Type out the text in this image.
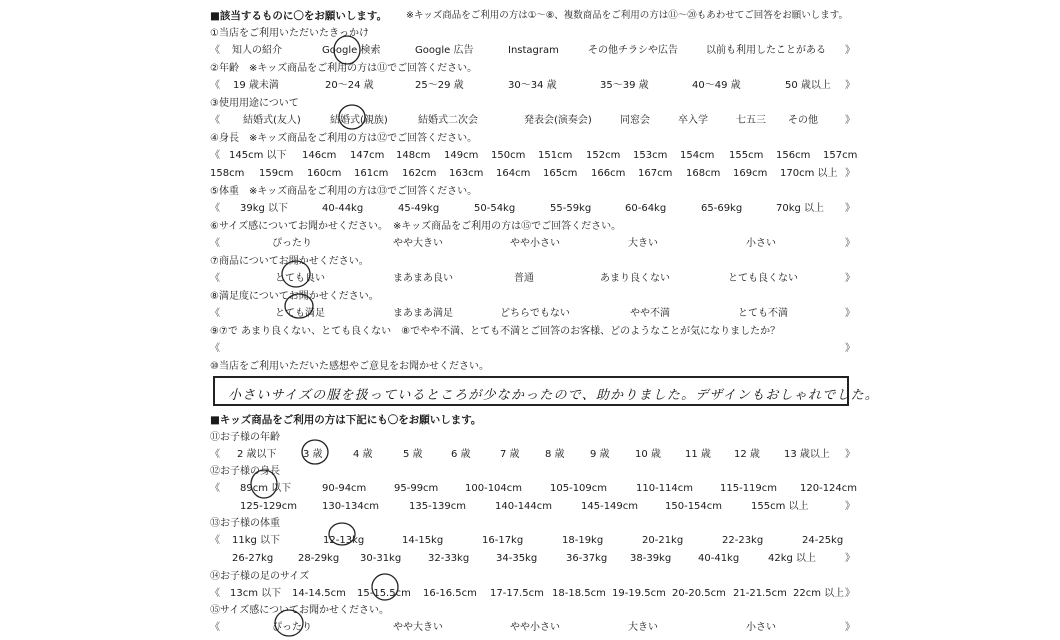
■該当するものに〇をお願いします。 ※キッズ商品をご利用の方は①～⑧、複数商品をご利用の方は⑪～⑳もあわせてご回答をお願いします。
①当店をご利用いただいたきっかけ
《 知人の紹介	Google 検索	Google 広告	Instagram	その他チラシや広告	以前も利用したことがある 》
②年齢　※キッズ商品をご利用の方は⑪でご回答ください。
《 19 歳未満	20～24 歳	25～29 歳	30～34 歳	35～39 歳	40～49 歳	50 歳以上 》
③使用用途について
《 結婚式(友人)	結婚式(親族)	結婚式二次会	発表会(演奏会)	同窓会	卒入学	七五三 その他	》
④身長　※キッズ商品をご利用の方は⑫でご回答ください。
《 145cm 以下 146cm 147cm 148cm 149cm 150cm 151cm 152cm 153cm 154cm 155cm 156cm 157cm
158cm 159cm 160cm 161cm 162cm 163cm 164cm 165cm 166cm 167cm 168cm 169cm 170cm 以上 》
⑤体重　※キッズ商品をご利用の方は⑬でご回答ください。
《 39kg 以下	40-44kg	45-49kg	50-54kg	55-59kg	60-64kg	65-69kg	70kg 以上 》
⑥サイズ感についてお聞かせください。　※キッズ商品をご利用の方は⑮でご回答ください。
《	ぴったり	やや大きい	やや小さい	大きい	小さい	》
⑦商品についてお聞かせください。
《	とても良い	まあまあ良い	普通	あまり良くない	とても良くない	》
⑧満足度についてお聞かせください。
《	とても満足	まあまあ満足	どちらでもない	やや不満	とても不満	》
⑨⑦で あまり良くない、とても良くない　⑧でやや不満、とても不満とご回答のお客様、どのようなことが気になりましたか？
《	》
⑩当店をご利用いただいた感想やご意見をお聞かせください。
小さいサイズの服を扱っているところが少なかったので、助かりました。デザインもおしゃれでした。
■キッズ商品をご利用の方は下記にも〇をお願いします。
⑪お子様の年齢
《 2 歳以下	3 歳	4 歳	5 歳	6 歳	7 歳	8 歳	9 歳	10 歳 11 歳 12 歳 13 歳以上 》
⑫お子様の身長
《 89cm 以下	90-94cm	95-99cm	100-104cm	105-109cm	110-114cm	115-119cm 120-124cm
125-129cm 130-134cm	135-139cm	140-144cm	145-149cm	150-154cm	155cm 以上	》
⑬お子様の体重
《 11kg 以下	12-13kg	14-15kg	16-17kg	18-19kg	20-21kg	22-23kg	24-25kg
26-27kg 28-29kg 30-31kg	32-33kg	34-35kg	36-37kg 38-39kg	40-41kg	42kg 以上	》
⑭お子様の足のサイズ
《 13cm 以下 14-14.5cm 15-15.5cm 16-16.5cm 17-17.5cm 18-18.5cm 19-19.5cm 20-20.5cm 21-21.5cm 22cm 以上 》
⑮サイズ感についてお聞かせください。
《	ぴったり	やや大きい	やや小さい	大きい	小さい	》
